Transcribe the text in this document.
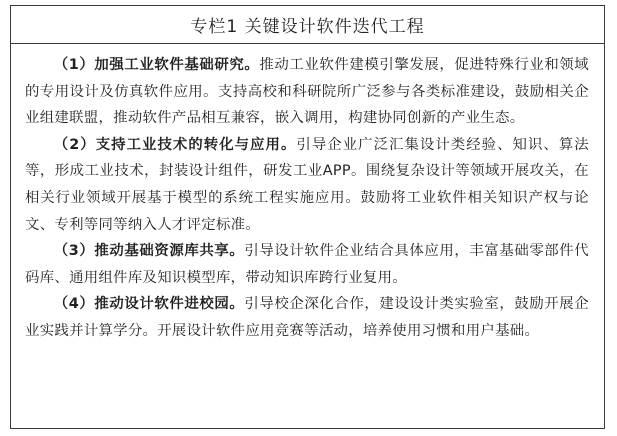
专栏1 关键设计软件迭代工程

（1）加强工业软件基础研究。推动工业软件建模引擎发展，促进特殊行业和领域的专用设计及仿真软件应用。支持高校和科研院所广泛参与各类标准建设，鼓励相关企业组建联盟，推动软件产品相互兼容，嵌入调用，构建协同创新的产业生态。

（2）支持工业技术的转化与应用。引导企业广泛汇集设计类经验、知识、算法等，形成工业技术，封装设计组件，研发工业APP。围绕复杂设计等领域开展攻关，在相关行业领域开展基于模型的系统工程实施应用。鼓励将工业软件相关知识产权与论文、专利等同等纳入人才评定标准。

（3）推动基础资源库共享。引导设计软件企业结合具体应用，丰富基础零部件代码库、通用组件库及知识模型库，带动知识库跨行业复用。

（4）推动设计软件进校园。引导校企深化合作，建设设计类实验室，鼓励开展企业实践并计算学分。开展设计软件应用竞赛等活动，培养使用习惯和用户基础。
